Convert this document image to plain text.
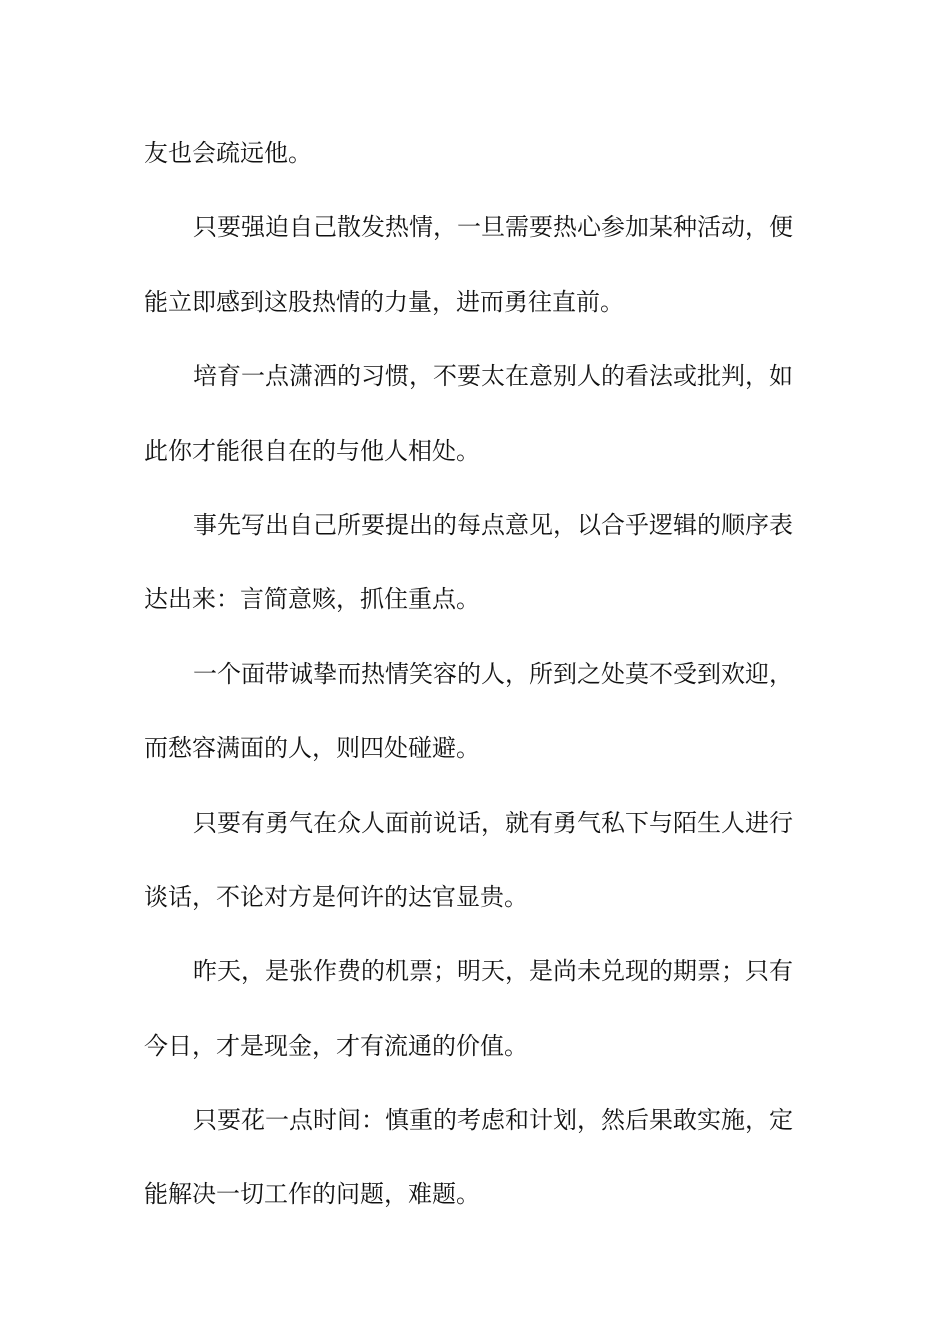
友也会疏远他。
只要强迫自己散发热情，一旦需要热心参加某种活动，便
能立即感到这股热情的力量，进而勇往直前。
培育一点潇洒的习惯，不要太在意别人的看法或批判，如
此你才能很自在的与他人相处。
事先写出自己所要提出的每点意见，以合乎逻辑的顺序表
达出来：言简意赅，抓住重点。
一个面带诚挚而热情笑容的人，所到之处莫不受到欢迎，
而愁容满面的人，则四处碰避。
只要有勇气在众人面前说话，就有勇气私下与陌生人进行
谈话，不论对方是何许的达官显贵。
昨天，是张作费的机票；明天，是尚未兑现的期票；只有
今日，才是现金，才有流通的价值。
只要花一点时间：慎重的考虑和计划，然后果敢实施，定
能解决一切工作的问题，难题。
